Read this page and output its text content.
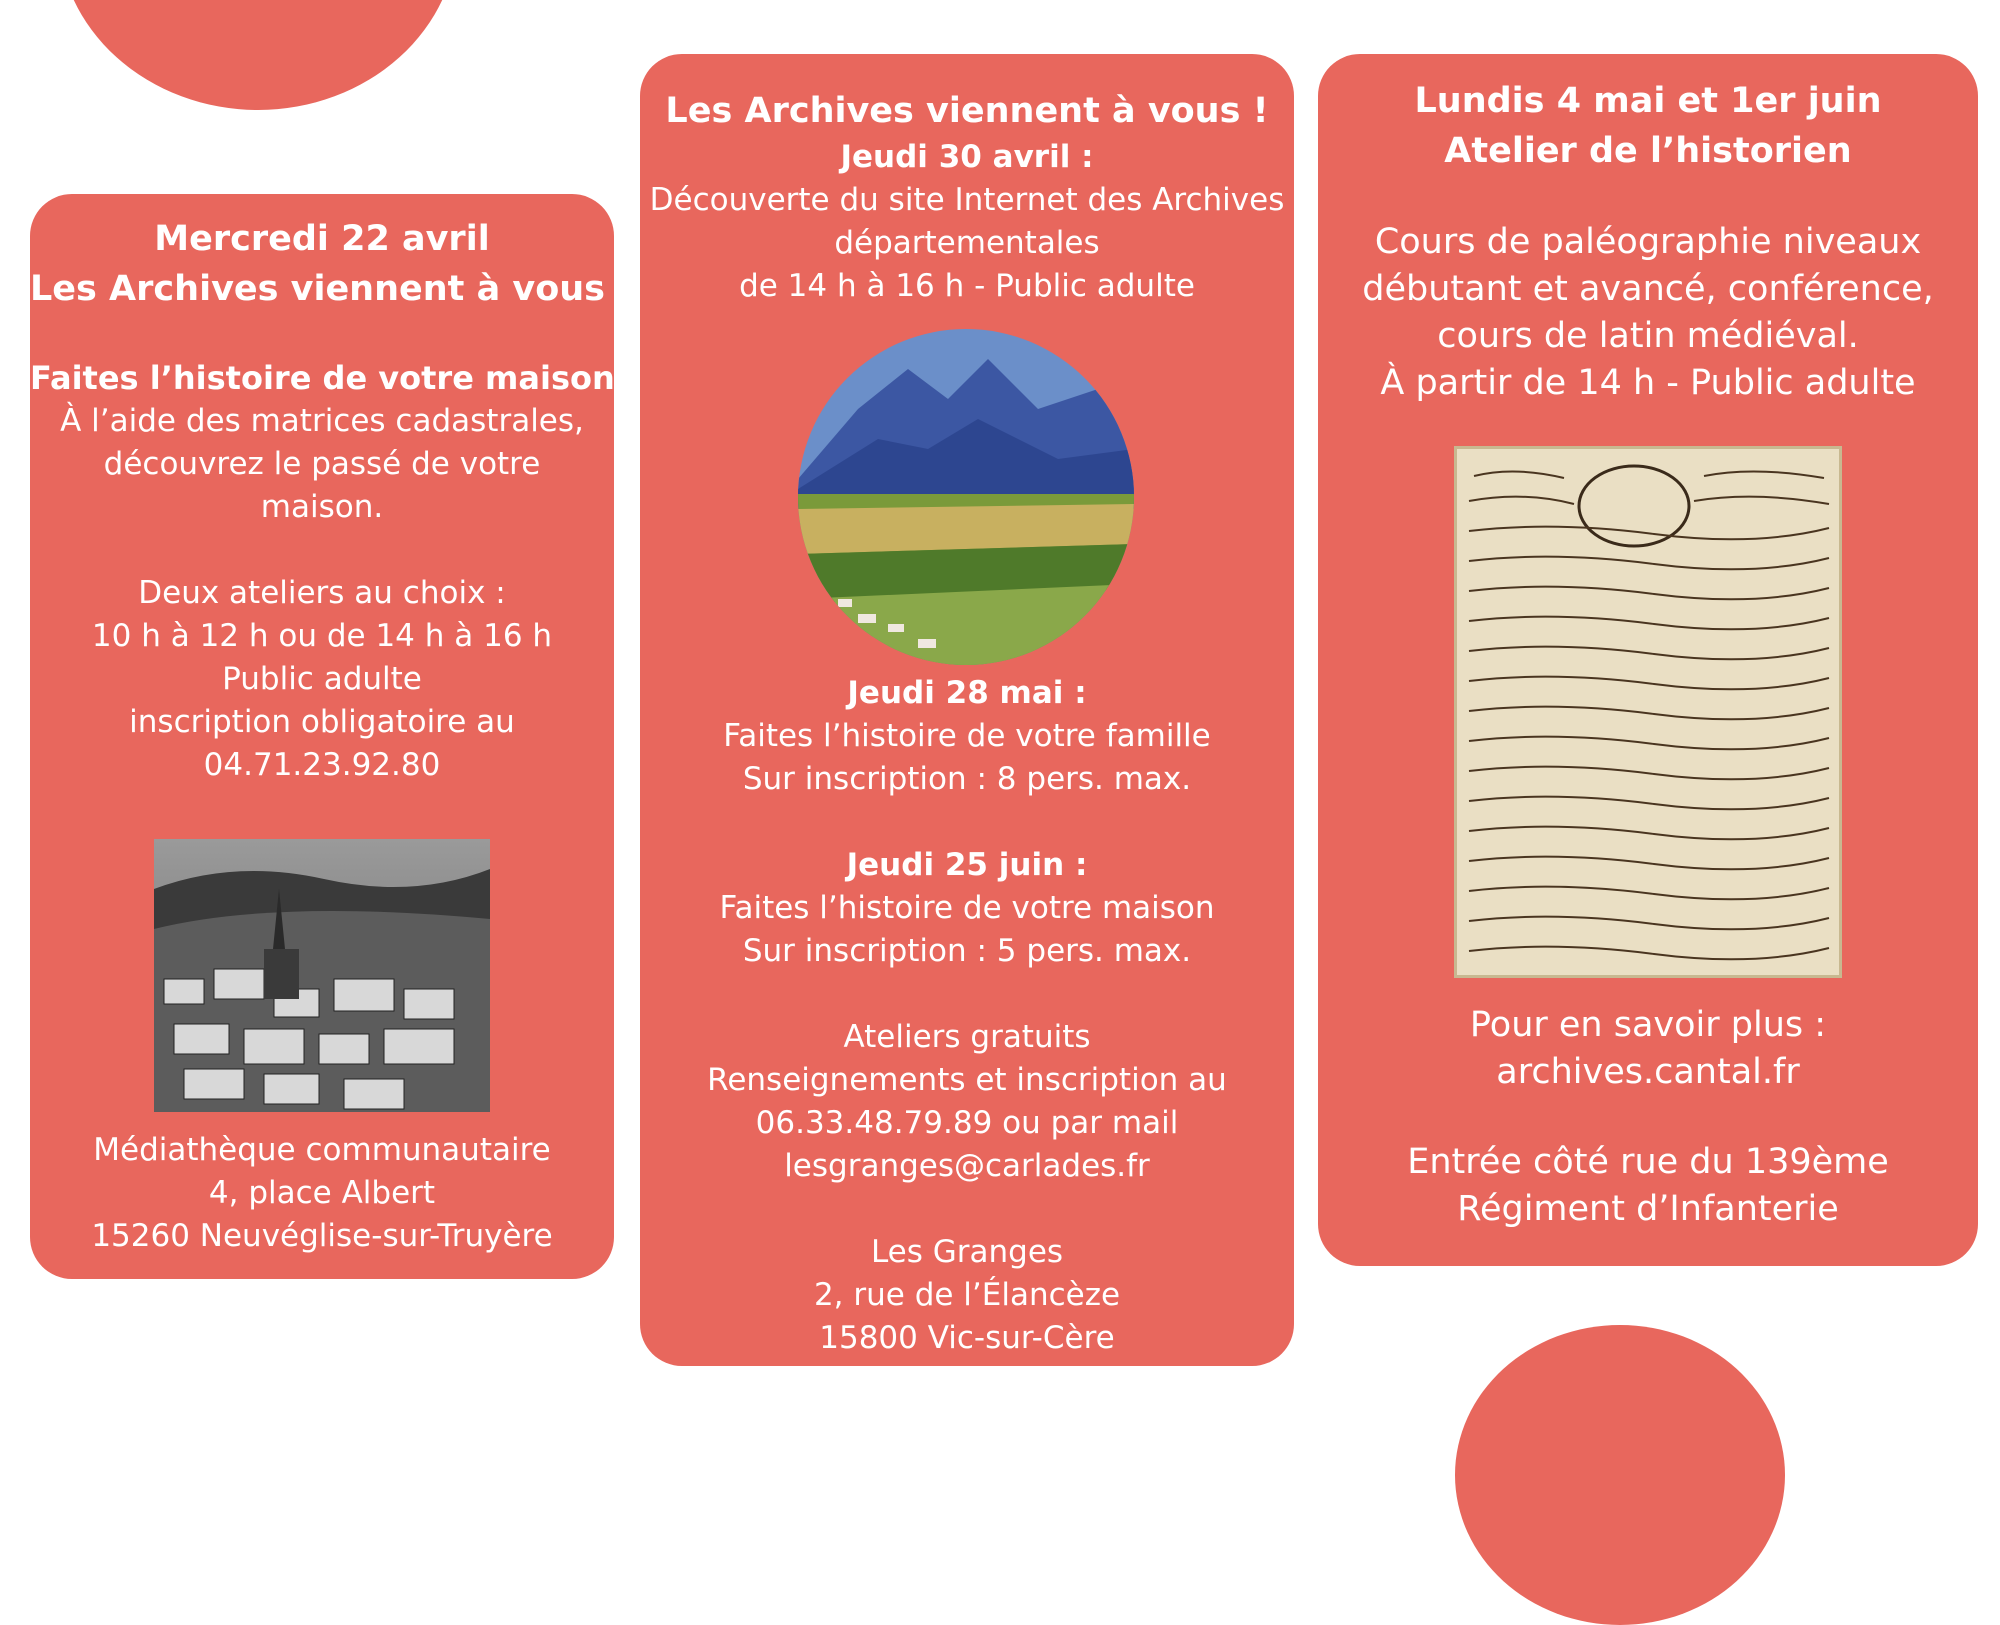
Mercredi 22 avril
Les Archives viennent à vous !
Faites l’histoire de votre maison
À l’aide des matrices cadastrales,
découvrez le passé de votre
maison.
Deux ateliers au choix :
10 h à 12 h ou de 14 h à 16 h
Public adulte
inscription obligatoire au
04.71.23.92.80
Médiathèque communautaire
4, place Albert
15260 Neuvéglise-sur-Truyère
Les Archives viennent à vous !
Jeudi 30 avril :
Découverte du site Internet des Archives
départementales
de 14 h à 16 h - Public adulte
Jeudi 28 mai :
Faites l’histoire de votre famille
Sur inscription : 8 pers. max.
Jeudi 25 juin :
Faites l’histoire de votre maison
Sur inscription : 5 pers. max.
Ateliers gratuits
Renseignements et inscription au
06.33.48.79.89 ou par mail
lesgranges@carlades.fr
Les Granges
2, rue de l’Élancèze
15800 Vic-sur-Cère
Lundis 4 mai et 1er juin
Atelier de l’historien
Cours de paléographie niveaux
débutant et avancé, conférence,
cours de latin médiéval.
À partir de 14 h - Public adulte
Pour en savoir plus :
archives.cantal.fr
Entrée côté rue du 139ème
Régiment d’Infanterie
